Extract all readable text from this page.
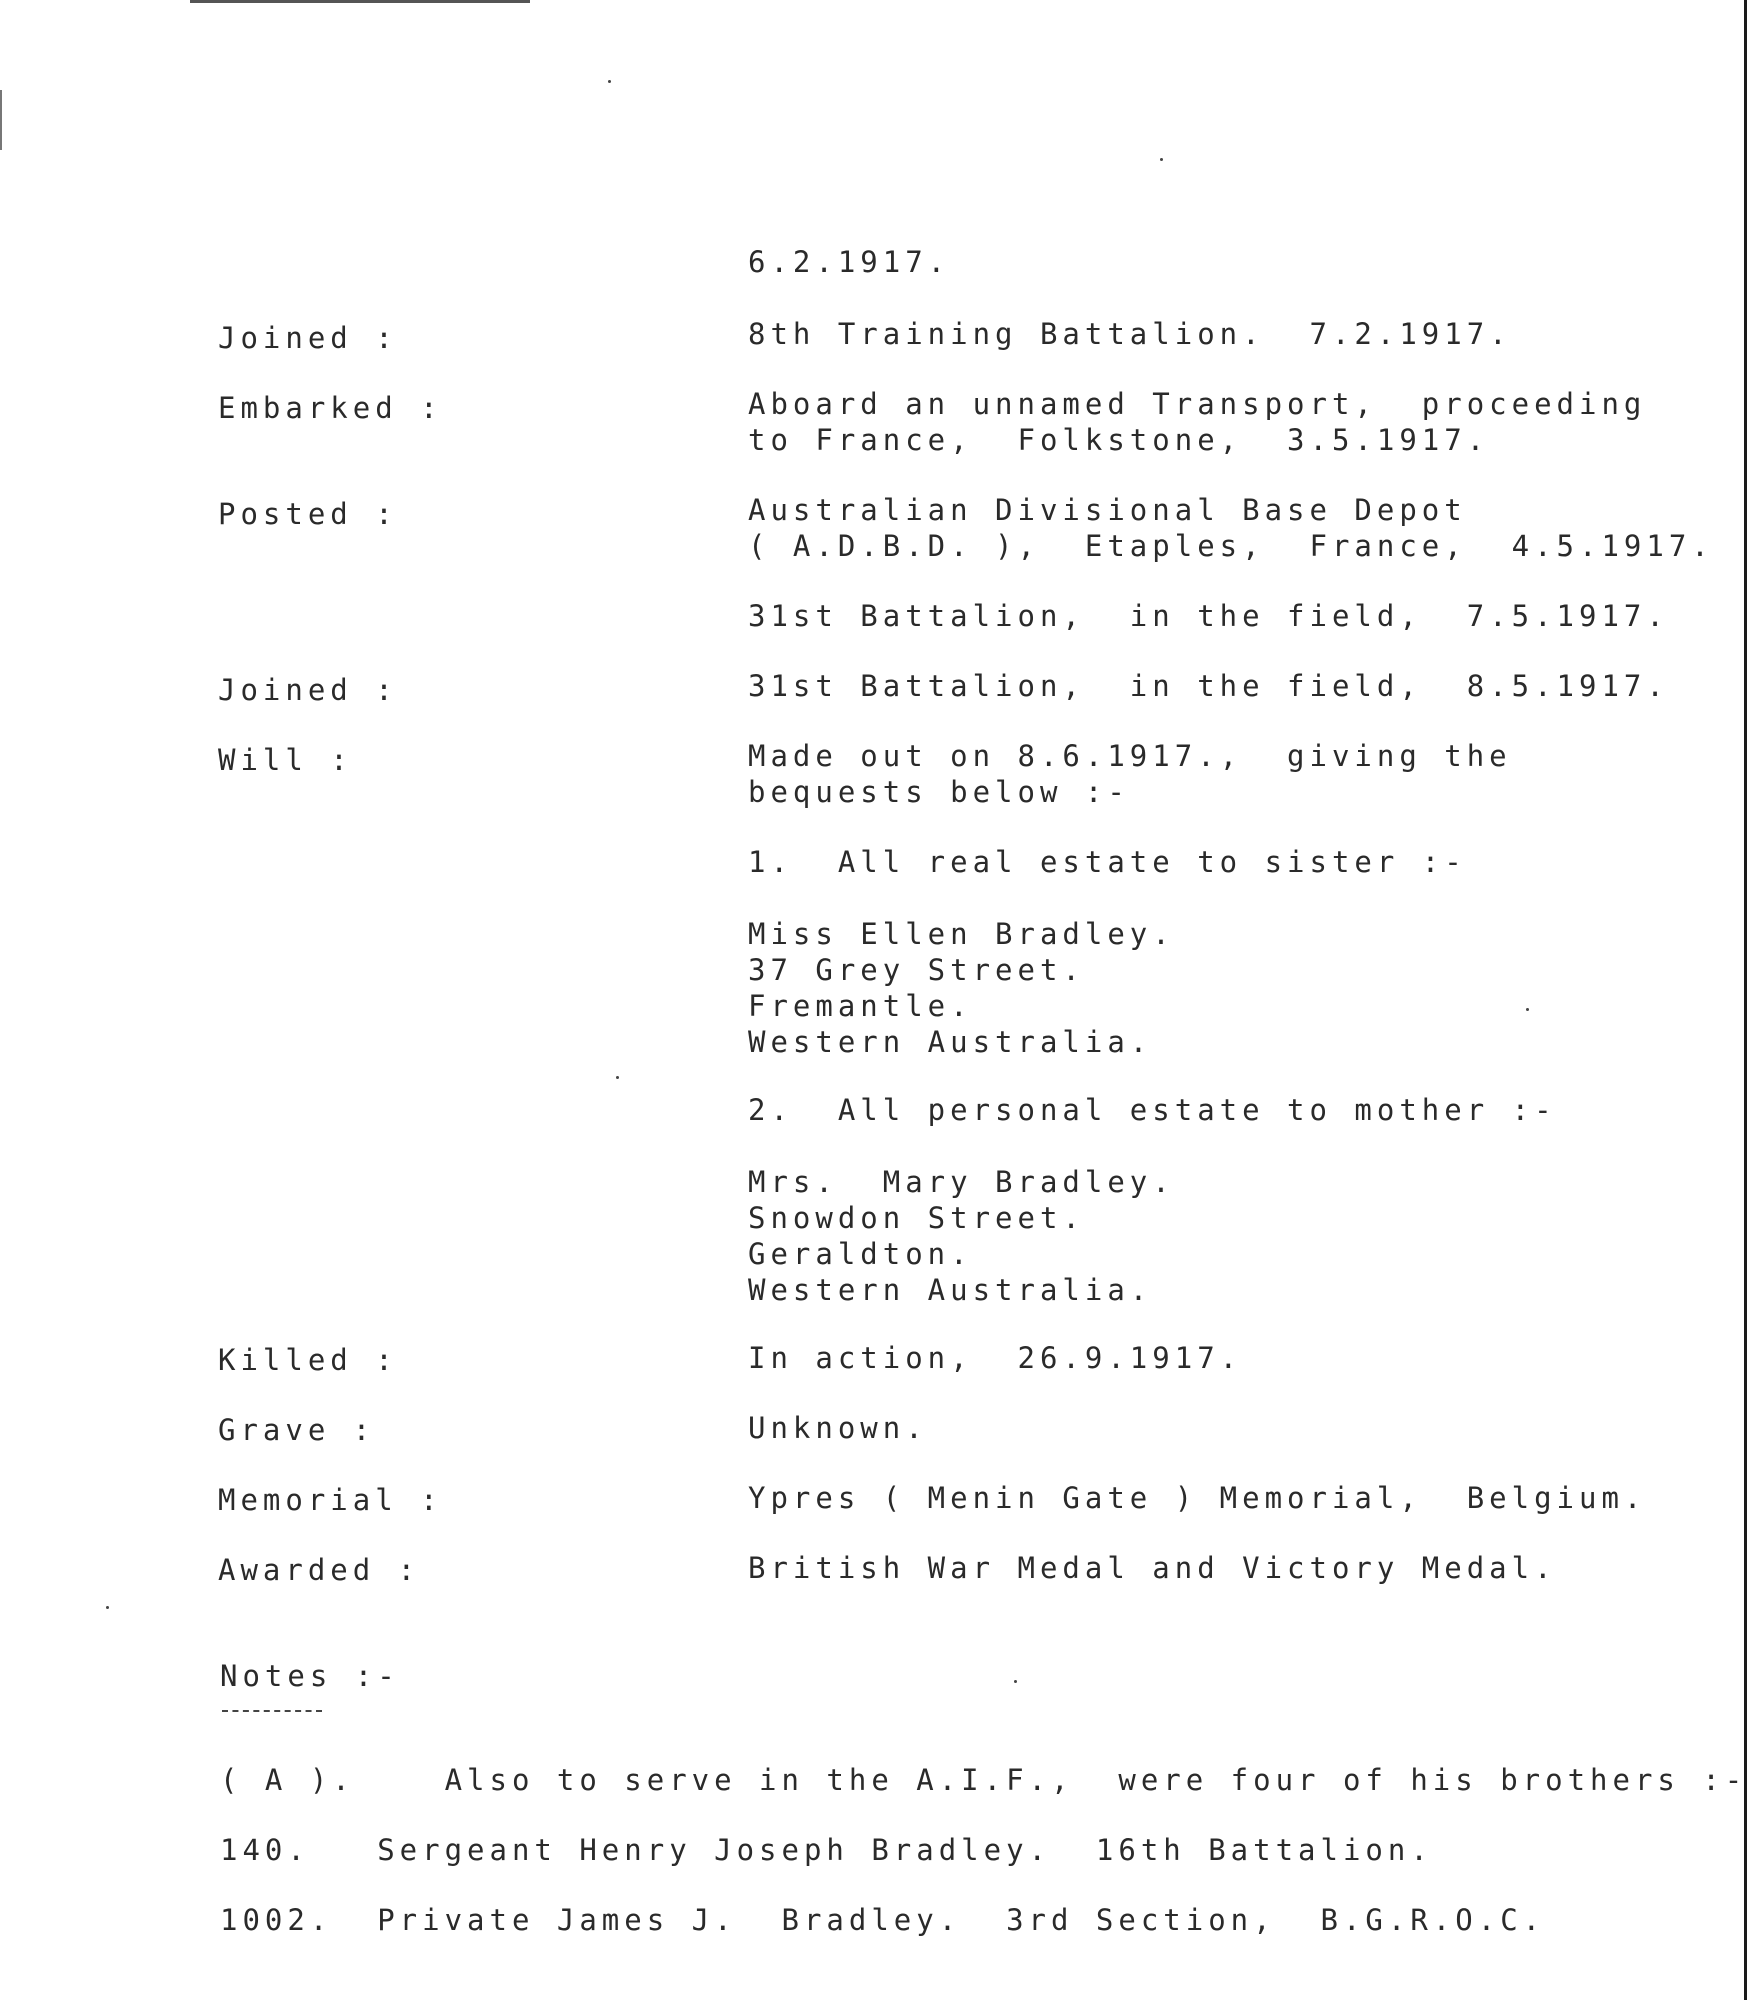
6.2.1917.
Joined :	8th Training Battalion.  7.2.1917.
Embarked :	Aboard an unnamed Transport,  proceeding
to France,  Folkstone,  3.5.1917.
Posted :	Australian Divisional Base Depot
( A.D.B.D. ),  Etaples,  France,  4.5.1917.
31st Battalion,  in the field,  7.5.1917.
Joined :	31st Battalion,  in the field,  8.5.1917.
Will :	Made out on 8.6.1917.,  giving the
bequests below :-
1.  All real estate to sister :-
Miss Ellen Bradley.
37 Grey Street.
Fremantle.
Western Australia.
2.  All personal estate to mother :-
Mrs.  Mary Bradley.
Snowdon Street.
Geraldton.
Western Australia.
Killed :	In action,  26.9.1917.
Grave :	Unknown.
Memorial :	Ypres ( Menin Gate ) Memorial,  Belgium.
Awarded :	British War Medal and Victory Medal.
Notes :-
( A ).    Also to serve in the A.I.F.,  were four of his brothers :-
140.   Sergeant Henry Joseph Bradley.  16th Battalion.
1002.  Private James J.  Bradley.  3rd Section,  B.G.R.O.C.
